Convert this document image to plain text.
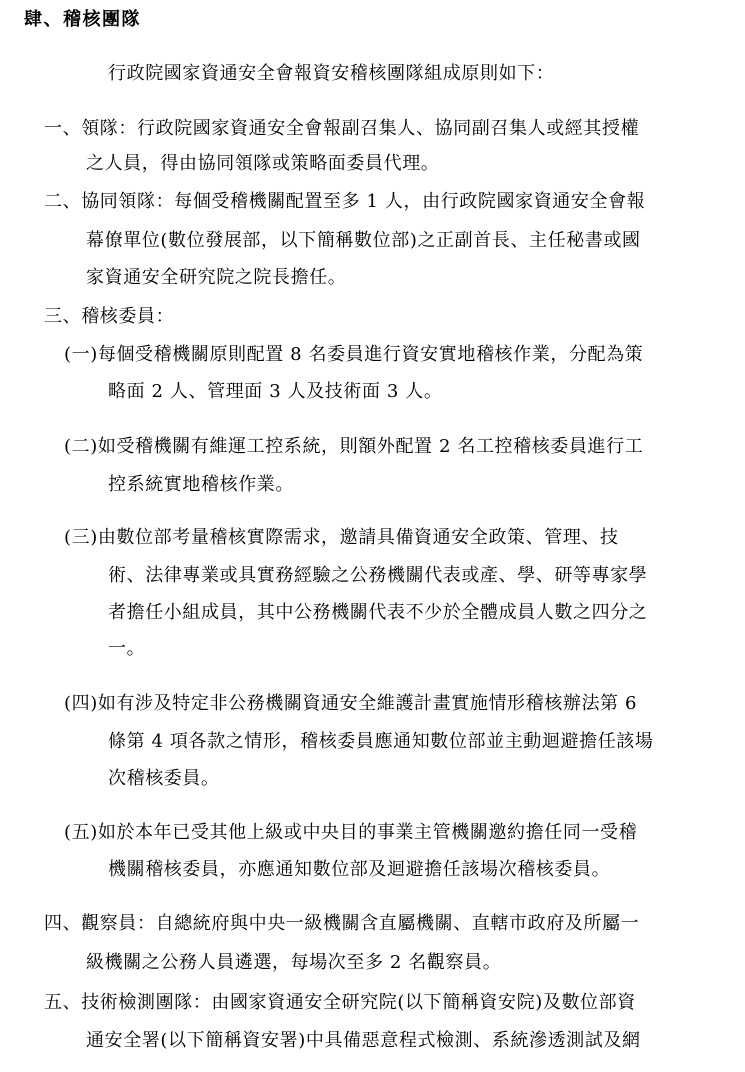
肆、稽核團隊
行政院國家資通安全會報資安稽核團隊組成原則如下：
一、領隊：行政院國家資通安全會報副召集人、協同副召集人或經其授權
之人員，得由協同領隊或策略面委員代理。
二、協同領隊：每個受稽機關配置至多 1 人，由行政院國家資通安全會報
幕僚單位(數位發展部，以下簡稱數位部)之正副首長、主任秘書或國
家資通安全研究院之院長擔任。
三、稽核委員：
(一)每個受稽機關原則配置 8 名委員進行資安實地稽核作業，分配為策
略面 2 人、管理面 3 人及技術面 3 人。
(二)如受稽機關有維運工控系統，則額外配置 2 名工控稽核委員進行工
控系統實地稽核作業。
(三)由數位部考量稽核實際需求，邀請具備資通安全政策、管理、技
術、法律專業或具實務經驗之公務機關代表或產、學、研等專家學
者擔任小組成員，其中公務機關代表不少於全體成員人數之四分之
一。
(四)如有涉及特定非公務機關資通安全維護計畫實施情形稽核辦法第 6
條第 4 項各款之情形，稽核委員應通知數位部並主動迴避擔任該場
次稽核委員。
(五)如於本年已受其他上級或中央目的事業主管機關邀約擔任同一受稽
機關稽核委員，亦應通知數位部及迴避擔任該場次稽核委員。
四、觀察員：自總統府與中央一級機關含直屬機關、直轄市政府及所屬一
級機關之公務人員遴選，每場次至多 2 名觀察員。
五、技術檢測團隊：由國家資通安全研究院(以下簡稱資安院)及數位部資
通安全署(以下簡稱資安署)中具備惡意程式檢測、系統滲透測試及網
